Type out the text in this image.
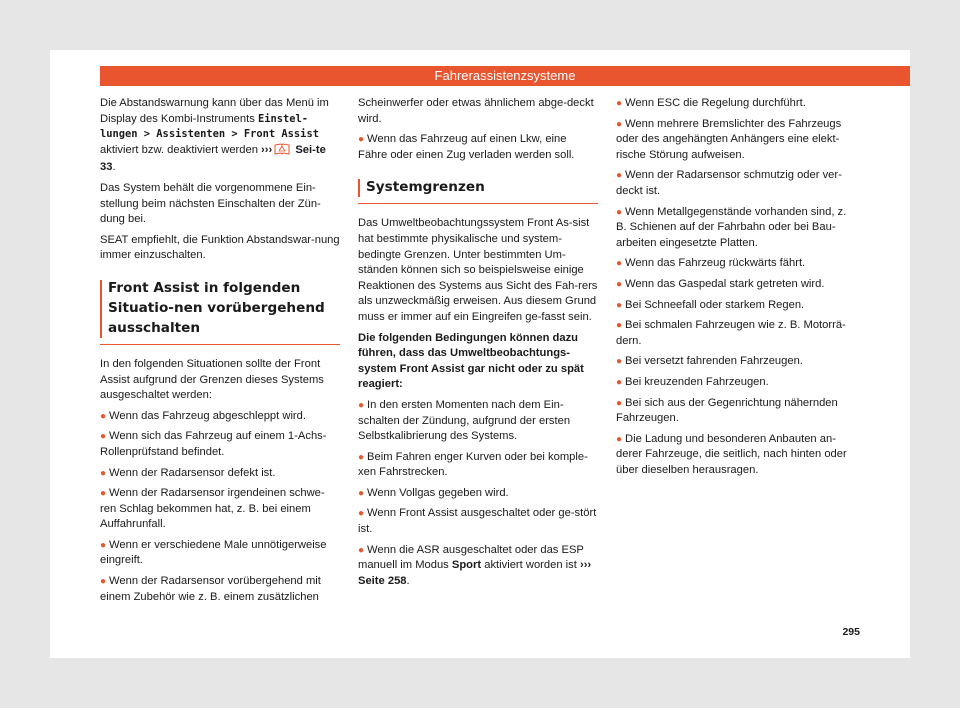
Fahrerassistenzsysteme

Die Abstandswarnung kann über das Menü im Display des Kombi-Instruments Einstel-lungen > Assistenten > Front Assist aktiviert bzw. deaktiviert werden ››› Sei-te 33.

Das System behält die vorgenommene Ein-stellung beim nächsten Einschalten der Zün-dung bei.

SEAT empfiehlt, die Funktion Abstandswar-nung immer einzuschalten.

Front Assist in folgenden Situatio-nen vorübergehend ausschalten

In den folgenden Situationen sollte der Front Assist aufgrund der Grenzen dieses Systems ausgeschaltet werden:

● Wenn das Fahrzeug abgeschleppt wird.

● Wenn sich das Fahrzeug auf einem 1-Achs-Rollenprüfstand befindet.

● Wenn der Radarsensor defekt ist.

● Wenn der Radarsensor irgendeinen schwe-ren Schlag bekommen hat, z. B. bei einem Auffahrunfall.

● Wenn er verschiedene Male unnötigerweise eingreift.

● Wenn der Radarsensor vorübergehend mit einem Zubehör wie z. B. einem zusätzlichen

Scheinwerfer oder etwas ähnlichem abge-deckt wird.

● Wenn das Fahrzeug auf einen Lkw, eine Fähre oder einen Zug verladen werden soll.

Systemgrenzen

Das Umweltbeobachtungssystem Front As-sist hat bestimmte physikalische und system-bedingte Grenzen. Unter bestimmten Um-ständen können sich so beispielsweise einige Reaktionen des Systems aus Sicht des Fah-rers als unzweckmäßig erweisen. Aus diesem Grund muss er immer auf ein Eingreifen ge-fasst sein.

Die folgenden Bedingungen können dazu führen, dass das Umweltbeobachtungs-system Front Assist gar nicht oder zu spät reagiert:

● In den ersten Momenten nach dem Ein-schalten der Zündung, aufgrund der ersten Selbstkalibrierung des Systems.

● Beim Fahren enger Kurven oder bei komple-xen Fahrstrecken.

● Wenn Vollgas gegeben wird.

● Wenn Front Assist ausgeschaltet oder ge-stört ist.

● Wenn die ASR ausgeschaltet oder das ESP manuell im Modus Sport aktiviert worden ist ››› Seite 258.

● Wenn ESC die Regelung durchführt.

● Wenn mehrere Bremslichter des Fahrzeugs oder des angehängten Anhängers eine elekt-rische Störung aufweisen.

● Wenn der Radarsensor schmutzig oder ver-deckt ist.

● Wenn Metallgegenstände vorhanden sind, z. B. Schienen auf der Fahrbahn oder bei Bau-arbeiten eingesetzte Platten.

● Wenn das Fahrzeug rückwärts fährt.

● Wenn das Gaspedal stark getreten wird.

● Bei Schneefall oder starkem Regen.

● Bei schmalen Fahrzeugen wie z. B. Motorrä-dern.

● Bei versetzt fahrenden Fahrzeugen.

● Bei kreuzenden Fahrzeugen.

● Bei sich aus der Gegenrichtung nähernden Fahrzeugen.

● Die Ladung und besonderen Anbauten an-derer Fahrzeuge, die seitlich, nach hinten oder über dieselben herausragen.

295
